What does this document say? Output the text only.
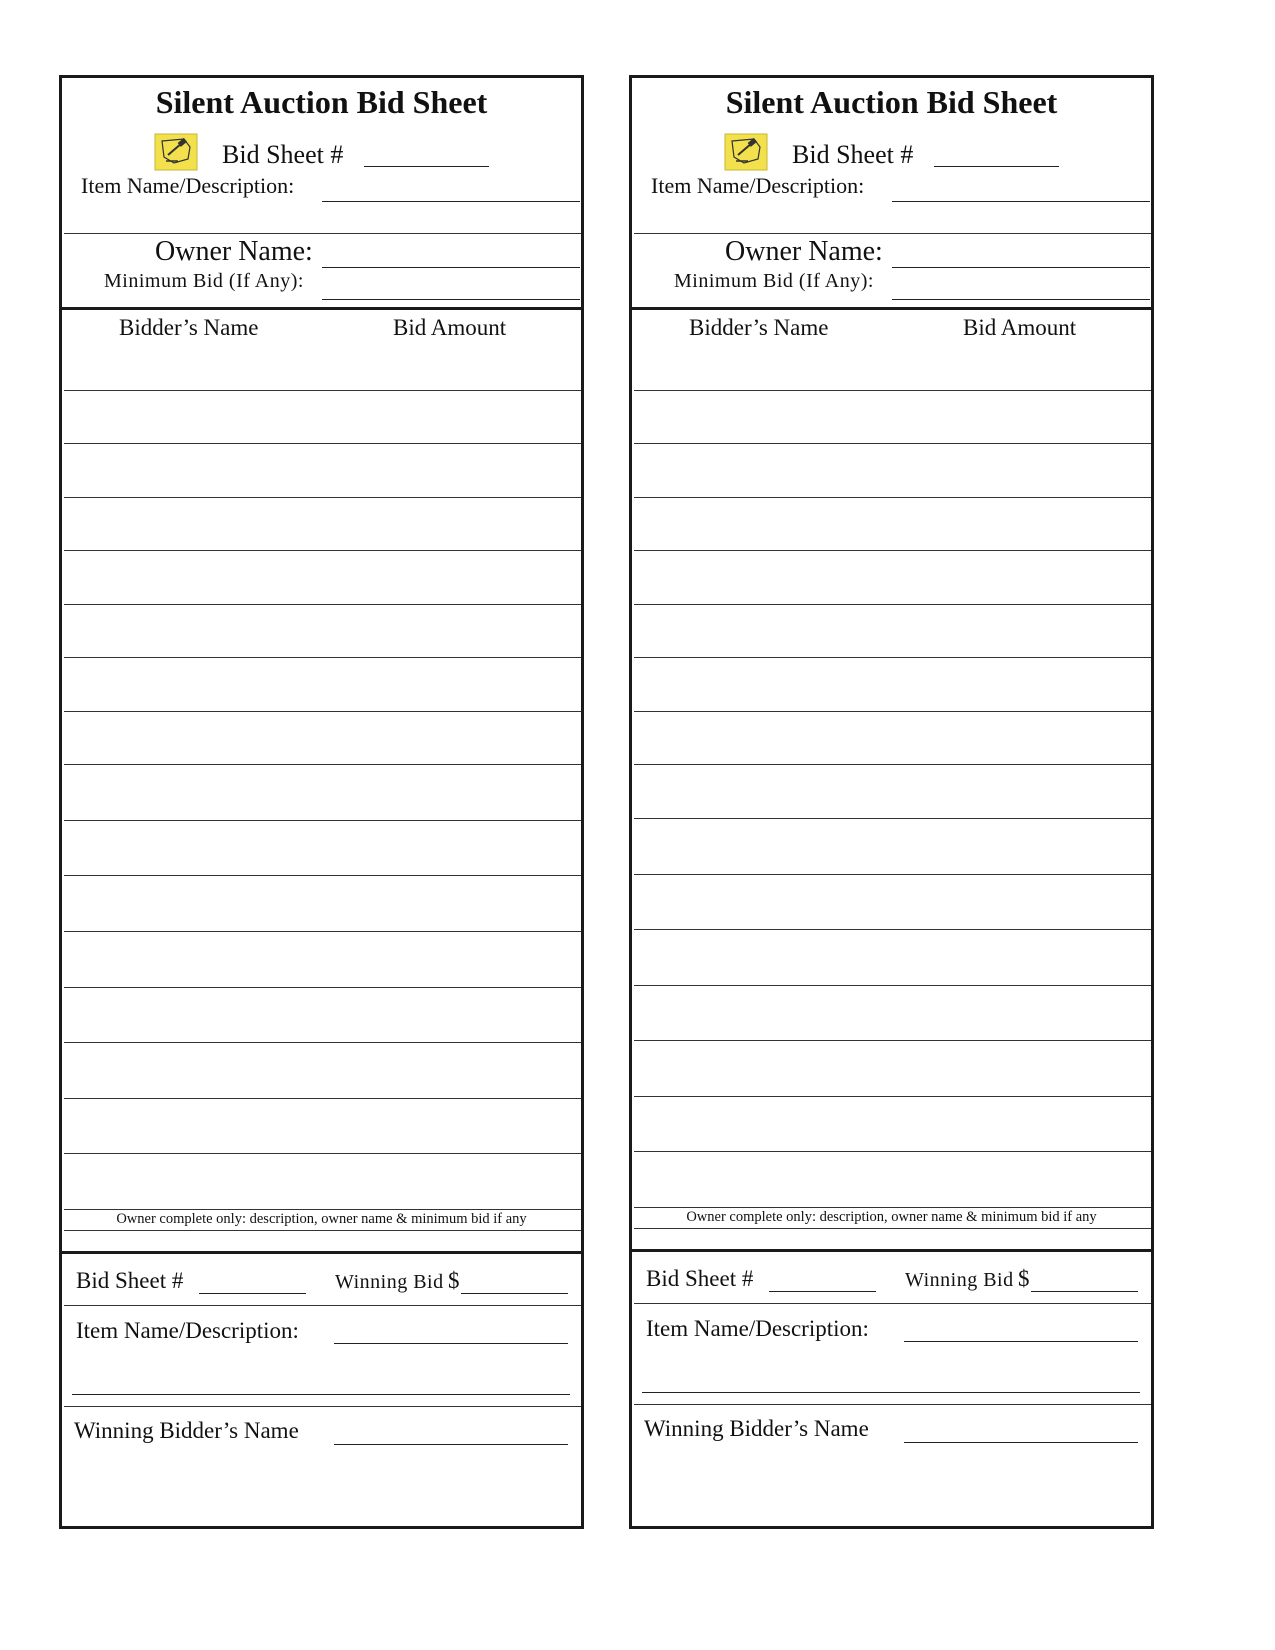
Silent Auction Bid Sheet
Bid Sheet #
Item Name/Description:
Owner Name:
Minimum Bid (If Any):
Bidder’s Name	Bid Amount
Owner complete only: description, owner name & minimum bid if any
Bid Sheet #	Winning Bid $
Item Name/Description:
Winning Bidder’s Name
Silent Auction Bid Sheet
Bid Sheet #
Item Name/Description:
Owner Name:
Minimum Bid (If Any):
Bidder’s Name	Bid Amount
Owner complete only: description, owner name & minimum bid if any
Bid Sheet #	Winning Bid $
Item Name/Description:
Winning Bidder’s Name
